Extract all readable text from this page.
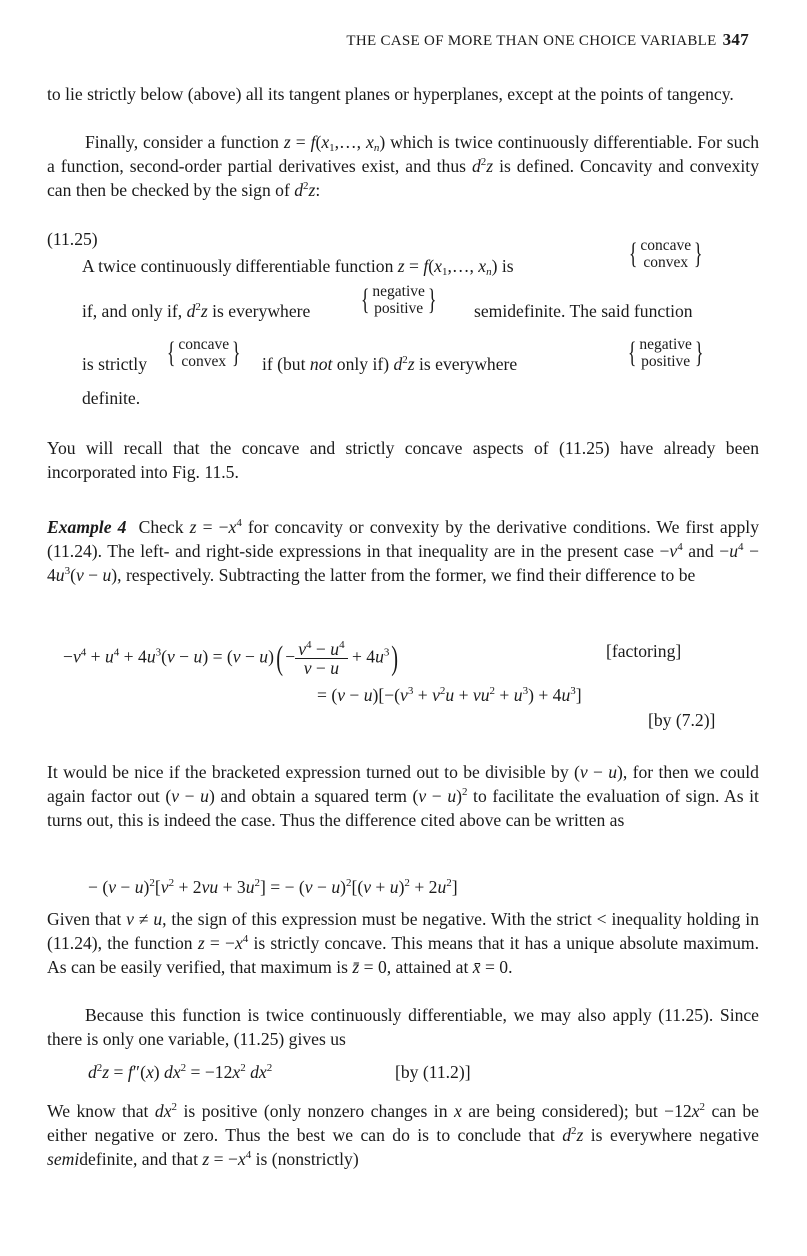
THE CASE OF MORE THAN ONE CHOICE VARIABLE 347
to lie strictly below (above) all its tangent planes or hyperplanes, except at the points of tangency.
Finally, consider a function $z = f(x_1,\dots$, $x_n$) which is twice continuously differentiable. For such a function, second-order partial derivatives exist, and thus $d^2z$ is defined. Concavity and convexity can then be checked by the sign of $d^2z$:
(11.25)
A twice continuously differentiable function $z = f(x_1,\dots$, $x_n$) is	{ concave
convex }
if, and only if, $d^2z$ is everywhere { negative
positive } semidefinite. The said function
is strictly { concave
convex } if (but not only if) $d^2z$ is everywhere	{ negative
positive }
definite.
You will recall that the concave and strictly concave aspects of (11.25) have already been incorporated into Fig. 11.5.
Example 4  Check $z = -x^4$ for concavity or convexity by the derivative conditions. We first apply (11.24). The left- and right-side expressions in that inequality are in the present case $-v^4$ and $-u^4 - 4u^3(v - u)$, respectively. Subtracting the latter from the former, we find their difference to be
$-v^4 + u^4 + 4u^3(v - u) = (v - u)( - \frac{v^4 - u^4}{v - u} + 4u^3)$	[factoring]
= $(v - u)[-(v^3 + v^2u + vu^2 + u^3) + 4u^3]$
[by (7.2)]
It would be nice if the bracketed expression turned out to be divisible by (v − u), for then we could again factor out (v − u) and obtain a squared term $(v - u)^2$ to facilitate the evaluation of sign. As it turns out, this is indeed the case. Thus the difference cited above can be written as
− $(v - u)^2[v^2 + 2vu + 3u^2]$ = − $(v - u)^2[(v + u)^2 + 2u^2]$
Given that v ≠ u, the sign of this expression must be negative. With the strict < inequality holding in (11.24), the function $z = -x^4$ is strictly concave. This means that it has a unique absolute maximum. As can be easily verified, that maximum is z̄ = 0, attained at x̄ = 0.
Because this function is twice continuously differentiable, we may also apply (11.25). Since there is only one variable, (11.25) gives us
$d^2z = f''(x) dx^2 = -12x^2$ $dx^2$	[by (11.2)]
We know that $dx^2$ is positive (only nonzero changes in x are being considered); but $-12x^2$ can be either negative or zero. Thus the best we can do is to conclude that $d^2z$ is everywhere negative semidefinite, and that $z = -x^4$ is (nonstrictly)
